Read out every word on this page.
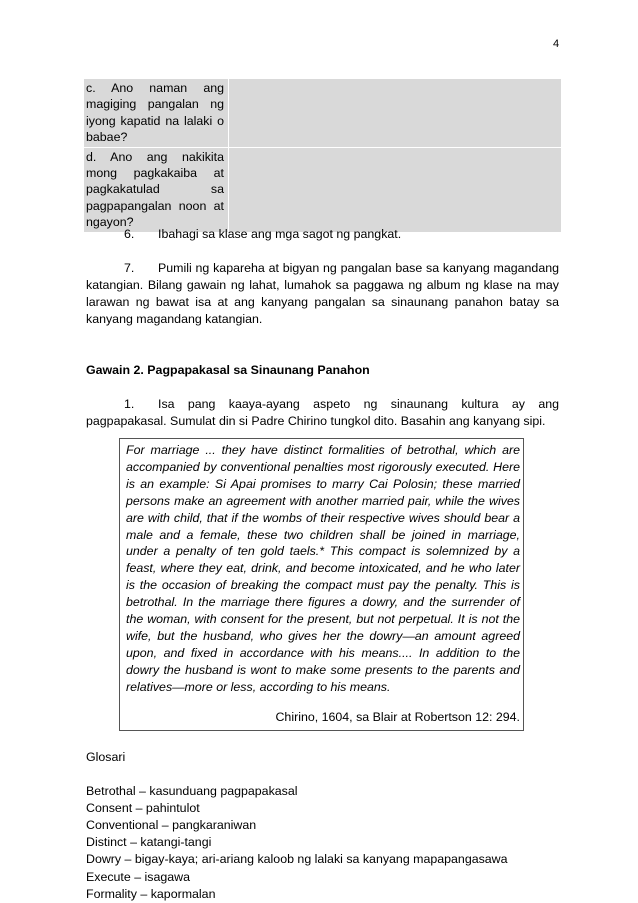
4
c. Ano naman ang magiging pangalan ng iyong kapatid na lalaki o babae?	
d. Ano ang nakikita mong pagkakaiba at pagkakatulad sa pagpapangalan noon at ngayon?	

6. Ibahagi sa klase ang mga sagot ng pangkat.

7. Pumili ng kapareha at bigyan ng pangalan base sa kanyang magandang katangian. Bilang gawain ng lahat, lumahok sa paggawa ng album ng klase na may larawan ng bawat isa at ang kanyang pangalan sa sinaunang panahon batay sa kanyang magandang katangian.

Gawain 2. Pagpapakasal sa Sinaunang Panahon

1. Isa pang kaaya-ayang aspeto ng sinaunang kultura ay ang pagpapakasal. Sumulat din si Padre Chirino tungkol dito. Basahin ang kanyang sipi.

For marriage ... they have distinct formalities of betrothal, which are accompanied by conventional penalties most rigorously executed. Here is an example: Si Apai promises to marry Cai Polosin; these married persons make an agreement with another married pair, while the wives are with child, that if the wombs of their respective wives should bear a male and a female, these two children shall be joined in marriage, under a penalty of ten gold taels.* This compact is solemnized by a feast, where they eat, drink, and become intoxicated, and he who later is the occasion of breaking the compact must pay the penalty. This is betrothal. In the marriage there figures a dowry, and the surrender of the woman, with consent for the present, but not perpetual. It is not the wife, but the husband, who gives her the dowry—an amount agreed upon, and fixed in accordance with his means.... In addition to the dowry the husband is wont to make some presents to the parents and relatives—more or less, according to his means.
Chirino, 1604, sa Blair at Robertson 12: 294.

Glosari

Betrothal – kasunduang pagpapakasal
Consent – pahintulot
Conventional – pangkaraniwan
Distinct – katangi-tangi
Dowry – bigay-kaya; ari-ariang kaloob ng lalaki sa kanyang mapapangasawa
Execute – isagawa
Formality – kapormalan
